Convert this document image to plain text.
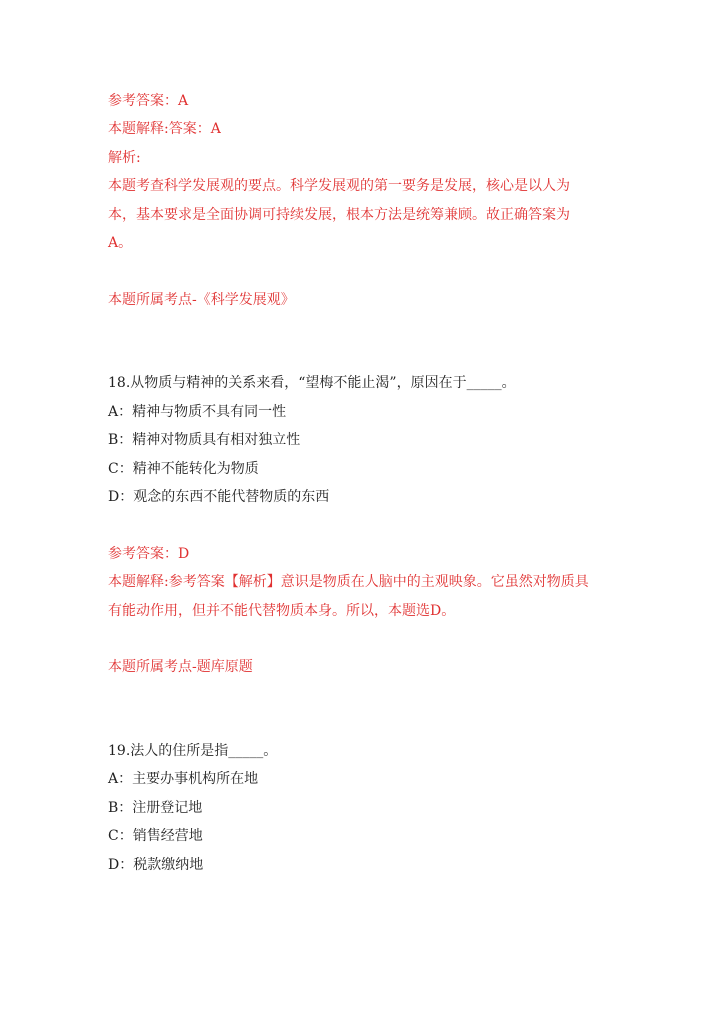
参考答案：A
本题解释:答案：A
解析:
本题考查科学发展观的要点。科学发展观的第一要务是发展，核心是以人为
本，基本要求是全面协调可持续发展，根本方法是统筹兼顾。故正确答案为
A。
本题所属考点-《科学发展观》
18.从物质与精神的关系来看，“望梅不能止渴”，原因在于_____。
A：精神与物质不具有同一性
B：精神对物质具有相对独立性
C：精神不能转化为物质
D：观念的东西不能代替物质的东西
参考答案：D
本题解释:参考答案【解析】意识是物质在人脑中的主观映象。它虽然对物质具
有能动作用，但并不能代替物质本身。所以，本题选D。
本题所属考点-题库原题
19.法人的住所是指_____。
A：主要办事机构所在地
B：注册登记地
C：销售经营地
D：税款缴纳地
